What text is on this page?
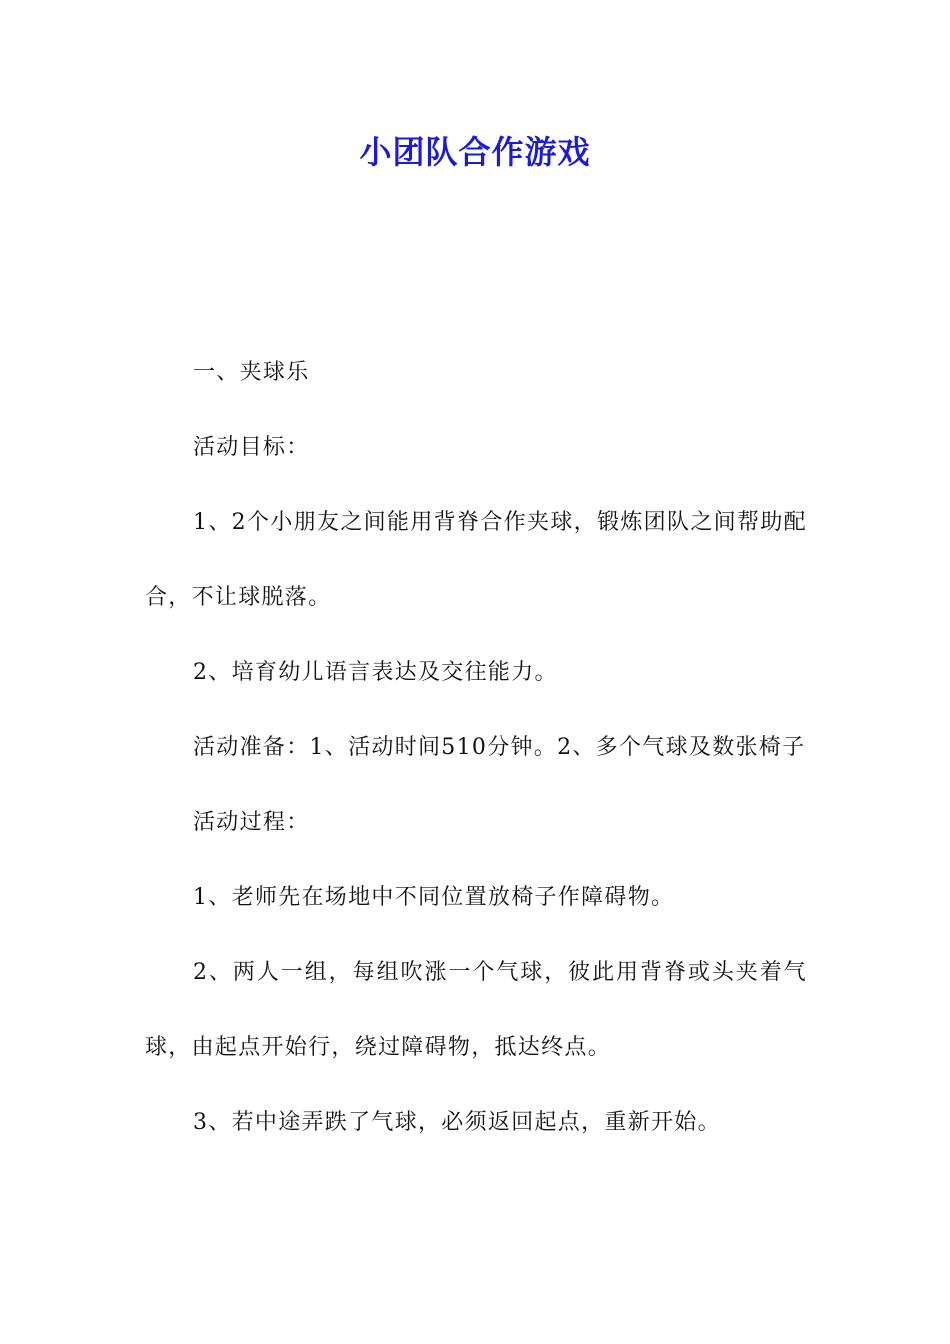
小团队合作游戏

一、夹球乐

活动目标：

1、2个小朋友之间能用背脊合作夹球，锻炼团队之间帮助配合，不让球脱落。

2、培育幼儿语言表达及交往能力。

活动准备：1、活动时间510分钟。2、多个气球及数张椅子

活动过程：

1、老师先在场地中不同位置放椅子作障碍物。

2、两人一组，每组吹涨一个气球，彼此用背脊或头夹着气球，由起点开始行，绕过障碍物，抵达终点。

3、若中途弄跌了气球，必须返回起点，重新开始。
